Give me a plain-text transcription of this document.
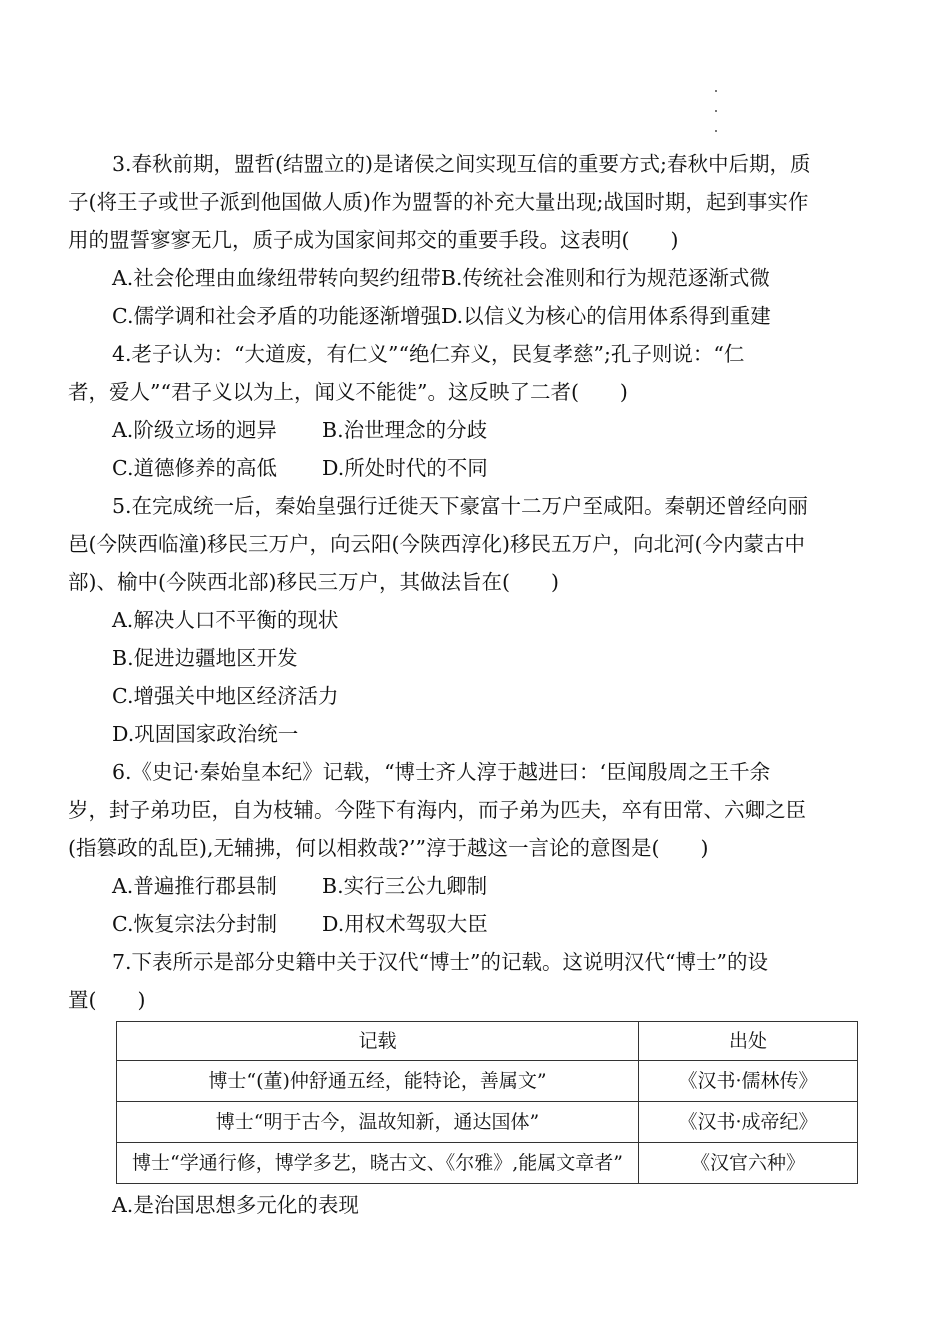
3.春秋前期，盟哲(结盟立的)是诸侯之间实现互信的重要方式;春秋中后期，质
子(将王子或世子派到他国做人质)作为盟誓的补充大量出现;战国时期，起到事实作
用的盟誓寥寥无几，质子成为国家间邦交的重要手段。这表明(　　)
A.社会伦理由血缘纽带转向契约纽带B.传统社会准则和行为规范逐渐式微
C.儒学调和社会矛盾的功能逐渐增强D.以信义为核心的信用体系得到重建
4.老子认为：“大道废，有仁义”“绝仁弃义，民复孝慈”;孔子则说：“仁
者，爱人”“君子义以为上，闻义不能徙”。这反映了二者(　　)
A.阶级立场的迥异	B.治世理念的分歧
C.道德修养的高低	D.所处时代的不同
5.在完成统一后，秦始皇强行迁徙天下豪富十二万户至咸阳。秦朝还曾经向丽
邑(今陕西临潼)移民三万户，向云阳(今陕西淳化)移民五万户，向北河(今内蒙古中
部)、榆中(今陕西北部)移民三万户，其做法旨在(　　)
A.解决人口不平衡的现状
B.促进边疆地区开发
C.增强关中地区经济活力
D.巩固国家政治统一
6.《史记·秦始皇本纪》记载，“博士齐人淳于越进曰：‘臣闻殷周之王千余
岁，封子弟功臣，自为枝辅。今陛下有海内，而子弟为匹夫，卒有田常、六卿之臣
(指篡政的乱臣),无辅拂，何以相救哉?’”淳于越这一言论的意图是(　　)
A.普遍推行郡县制	B.实行三公九卿制
C.恢复宗法分封制	D.用权术驾驭大臣
7.下表所示是部分史籍中关于汉代“博士”的记载。这说明汉代“博士”的设
置(　　)
记载	出处
博士“(董)仲舒通五经，能特论，善属文”	《汉书·儒林传》
博士“明于古今，温故知新，通达国体”	《汉书·成帝纪》
博士“学通行修，博学多艺，晓古文、《尔雅》,能属文章者”	《汉官六种》
A.是治国思想多元化的表现
